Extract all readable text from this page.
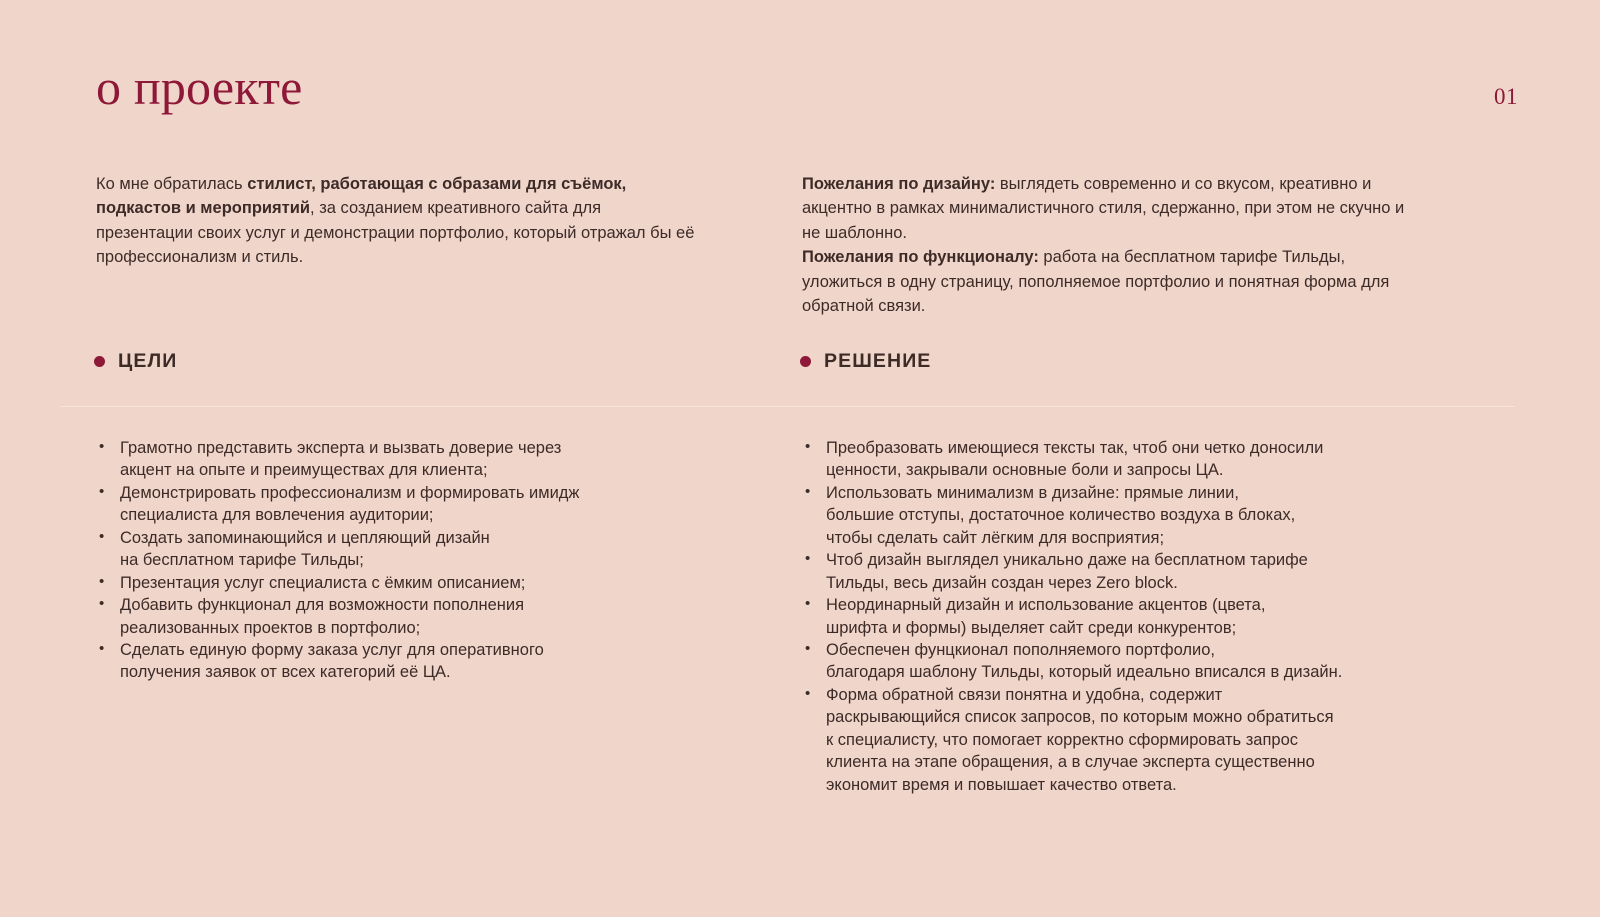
о проекте	01

Ко мне обратилась стилист, работающая с образами для съёмок, подкастов и мероприятий, за созданием креативного сайта для презентации своих услуг и демонстрации портфолио, который отражал бы её профессионализм и стиль.

Пожелания по дизайну: выглядеть современно и со вкусом, креативно и акцентно в рамках минималистичного стиля, сдержанно, при этом не скучно и не шаблонно.

Пожелания по функционалу: работа на бесплатном тарифе Тильды, уложиться в одну страницу, пополняемое портфолио и понятная форма для обратной связи.

ЦЕЛИ	РЕШЕНИЕ
• Грамотно представить эксперта и вызвать доверие через
акцент на опыте и преимуществах для клиента;
• Демонстрировать профессионализм и формировать имидж
специалиста для вовлечения аудитории;
• Создать запоминающийся и цепляющий дизайн
на бесплатном тарифе Тильды;
• Презентация услуг специалиста с ёмким описанием;
• Добавить функционал для возможности пополнения
реализованных проектов в портфолио;
• Сделать единую форму заказа услуг для оперативного
получения заявок от всех категорий её ЦА.
• Преобразовать имеющиеся тексты так, чтоб они четко доносили
ценности, закрывали основные боли и запросы ЦА.
• Использовать минимализм в дизайне: прямые линии,
большие отступы, достаточное количество воздуха в блоках,
чтобы сделать сайт лёгким для восприятия;
• Чтоб дизайн выглядел уникально даже на бесплатном тарифе
Тильды, весь дизайн создан через Zero block.
• Неординарный дизайн и использование акцентов (цвета,
шрифта и формы) выделяет сайт среди конкурентов;
• Обеспечен фунцкионал пополняемого портфолио,
благодаря шаблону Тильды, который идеально вписался в дизайн.
• Форма обратной связи понятна и удобна, содержит
раскрывающийся список запросов, по которым можно обратиться
к специалисту, что помогает корректно сформировать запрос
клиента на этапе обращения, а в случае эксперта существенно
экономит время и повышает качество ответа.
